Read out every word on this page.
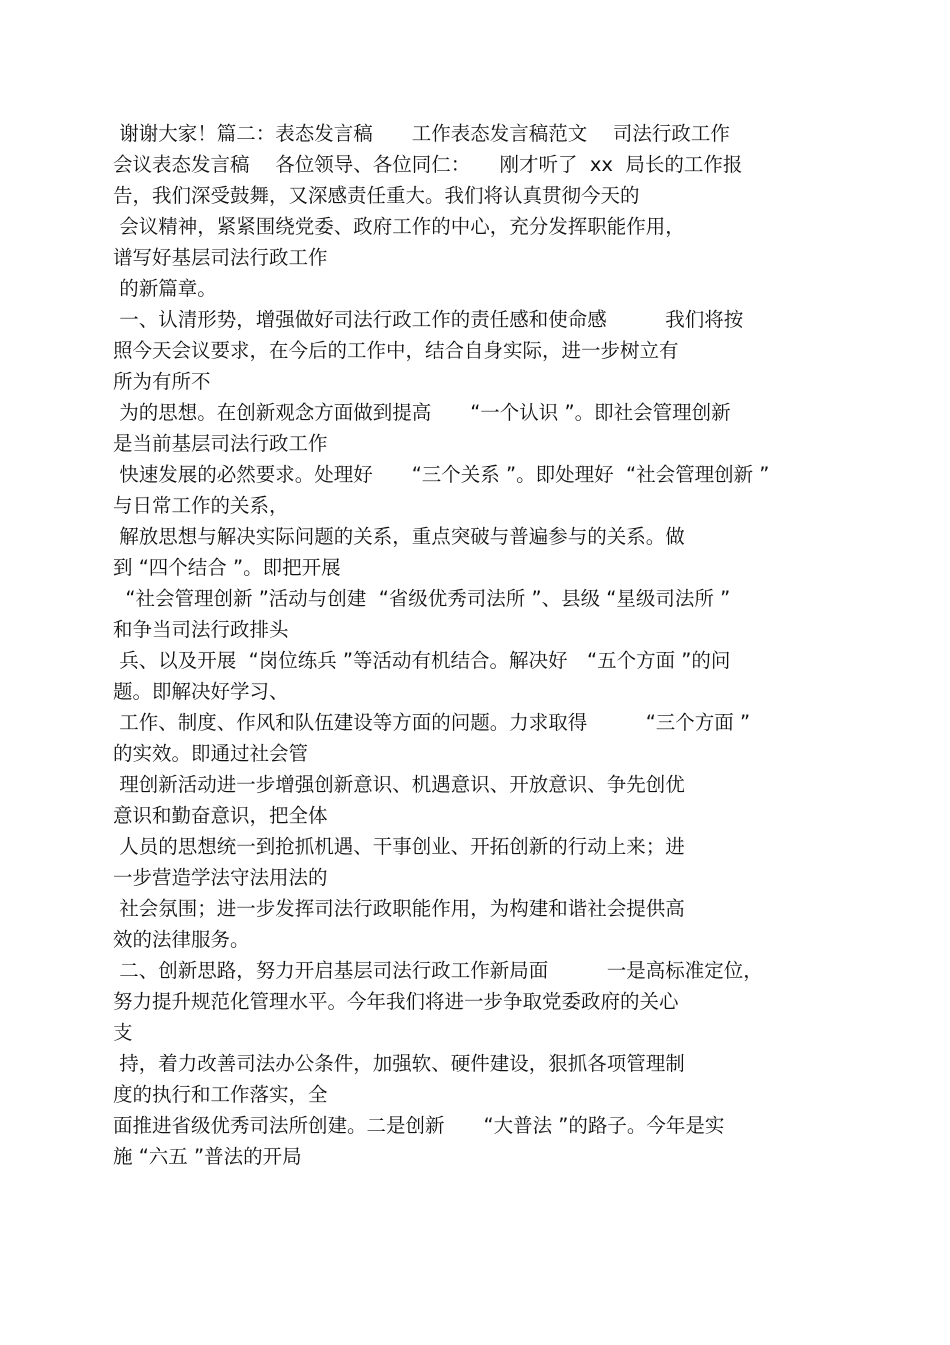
谢谢大家！篇二：表态发言稿　　工作表态发言稿范文　 司法行政工作

会议表态发言稿　 各位领导、各位同仁：　　刚才听了  xx  局长的工作报

告，我们深受鼓舞，又深感责任重大。我们将认真贯彻今天的

会议精神，紧紧围绕党委、政府工作的中心，充分发挥职能作用，

谱写好基层司法行政工作

的新篇章。

一、认清形势，增强做好司法行政工作的责任感和使命感　　　我们将按

照今天会议要求，在今后的工作中，结合自身实际，进一步树立有

所为有所不

为的思想。在创新观念方面做到提高　　“一个认识 ”。即社会管理创新

是当前基层司法行政工作

快速发展的必然要求。处理好　　“三个关系 ”。即处理好  “社会管理创新 ”

与日常工作的关系，

解放思想与解决实际问题的关系，重点突破与普遍参与的关系。做

到 “四个结合 ”。即把开展

“社会管理创新 ”活动与创建  “省级优秀司法所 ”、县级 “星级司法所 ”

和争当司法行政排头

兵、以及开展  “岗位练兵 ”等活动有机结合。解决好　“五个方面 ”的问

题。即解决好学习、

工作、制度、作风和队伍建设等方面的问题。力求取得　　　“三个方面 ”

的实效。即通过社会管

理创新活动进一步增强创新意识、机遇意识、开放意识、争先创优

意识和勤奋意识，把全体

人员的思想统一到抢抓机遇、干事创业、开拓创新的行动上来；进

一步营造学法守法用法的

社会氛围；进一步发挥司法行政职能作用，为构建和谐社会提供高

效的法律服务。

二、创新思路，努力开启基层司法行政工作新局面　　　一是高标准定位，

努力提升规范化管理水平。今年我们将进一步争取党委政府的关心

支

持，着力改善司法办公条件，加强软、硬件建设，狠抓各项管理制

度的执行和工作落实，全

面推进省级优秀司法所创建。二是创新　　“大普法 ”的路子。今年是实

施 “六五 ”普法的开局
